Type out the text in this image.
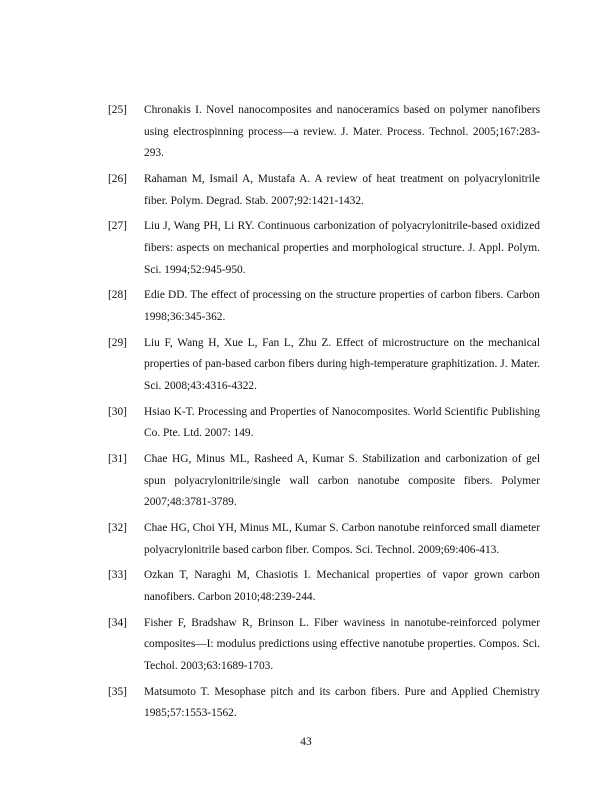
[25]	Chronakis I. Novel nanocomposites and nanoceramics based on polymer nanofibers using electrospinning process—a review. J. Mater. Process. Technol. 2005;167:283-293.
[26]	Rahaman M, Ismail A, Mustafa A. A review of heat treatment on polyacrylonitrile fiber. Polym. Degrad. Stab. 2007;92:1421-1432.
[27]	Liu J, Wang PH, Li RY. Continuous carbonization of polyacrylonitrile-based oxidized fibers: aspects on mechanical properties and morphological structure. J. Appl. Polym. Sci. 1994;52:945-950.
[28]	Edie DD. The effect of processing on the structure properties of carbon fibers. Carbon 1998;36:345-362.
[29]	Liu F, Wang H, Xue L, Fan L, Zhu Z. Effect of microstructure on the mechanical properties of pan-based carbon fibers during high-temperature graphitization. J. Mater. Sci. 2008;43:4316-4322.
[30]	Hsiao K-T. Processing and Properties of Nanocomposites. World Scientific Publishing Co. Pte. Ltd. 2007: 149.
[31]	Chae HG, Minus ML, Rasheed A, Kumar S. Stabilization and carbonization of gel spun polyacrylonitrile/single wall carbon nanotube composite fibers. Polymer 2007;48:3781-3789.
[32]	Chae HG, Choi YH, Minus ML, Kumar S. Carbon nanotube reinforced small diameter polyacrylonitrile based carbon fiber. Compos. Sci. Technol. 2009;69:406-413.
[33]	Ozkan T, Naraghi M, Chasiotis I. Mechanical properties of vapor grown carbon nanofibers. Carbon 2010;48:239-244.
[34]	Fisher F, Bradshaw R, Brinson L. Fiber waviness in nanotube-reinforced polymer composites—I: modulus predictions using effective nanotube properties. Compos. Sci. Techol. 2003;63:1689-1703.
[35]	Matsumoto T. Mesophase pitch and its carbon fibers. Pure and Applied Chemistry 1985;57:1553-1562.
43
